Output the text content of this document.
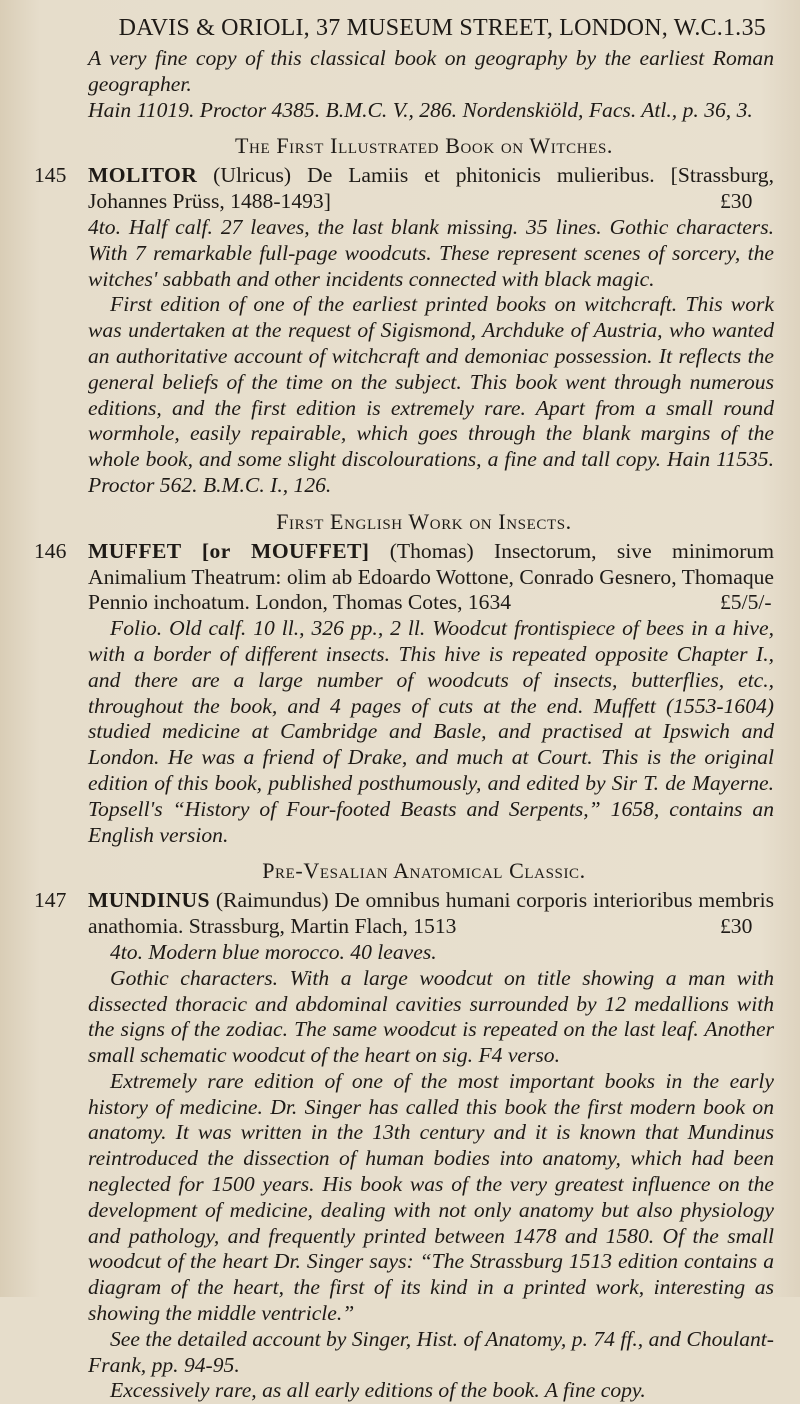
DAVIS & ORIOLI, 37 MUSEUM STREET, LONDON, W.C.1. 35

A very fine copy of this classical book on geography by the earliest Roman geographer.

Hain 11019. Proctor 4385. B.M.C. V., 286. Nordenskiöld, Facs. Atl., p. 36, 3.

The First Illustrated Book on Witches.

145 MOLITOR (Ulricus) De Lamiis et phitonicis mulieribus. [Strassburg, Johannes Prüss, 1488-1493]	£30

4to. Half calf. 27 leaves, the last blank missing. 35 lines. Gothic characters. With 7 remarkable full-page woodcuts. These represent scenes of sorcery, the witches' sabbath and other incidents connected with black magic.

First edition of one of the earliest printed books on witchcraft. This work was undertaken at the request of Sigismond, Archduke of Austria, who wanted an authoritative account of witchcraft and demoniac possession. It reflects the general beliefs of the time on the subject. This book went through numerous editions, and the first edition is extremely rare. Apart from a small round wormhole, easily repairable, which goes through the blank margins of the whole book, and some slight discolourations, a fine and tall copy. Hain 11535. Proctor 562. B.M.C. I., 126.

First English Work on Insects.

146 MUFFET [or MOUFFET] (Thomas) Insectorum, sive minimorum Animalium Theatrum: olim ab Edoardo Wottone, Conrado Gesnero, Thomaque Pennio inchoatum. London, Thomas Cotes, 1634	£5/5/-

Folio. Old calf. 10 ll., 326 pp., 2 ll. Woodcut frontispiece of bees in a hive, with a border of different insects. This hive is repeated opposite Chapter I., and there are a large number of woodcuts of insects, butterflies, etc., throughout the book, and 4 pages of cuts at the end. Muffett (1553-1604) studied medicine at Cambridge and Basle, and practised at Ipswich and London. He was a friend of Drake, and much at Court. This is the original edition of this book, published posthumously, and edited by Sir T. de Mayerne. Topsell's “History of Four-footed Beasts and Serpents,” 1658, contains an English version.

Pre-Vesalian Anatomical Classic.

147 MUNDINUS (Raimundus) De omnibus humani corporis interioribus membris anathomia. Strassburg, Martin Flach, 1513	£30

4to. Modern blue morocco. 40 leaves.

Gothic characters. With a large woodcut on title showing a man with dissected thoracic and abdominal cavities surrounded by 12 medallions with the signs of the zodiac. The same woodcut is repeated on the last leaf. Another small schematic woodcut of the heart on sig. F4 verso.

Extremely rare edition of one of the most important books in the early history of medicine. Dr. Singer has called this book the first modern book on anatomy. It was written in the 13th century and it is known that Mundinus reintroduced the dissection of human bodies into anatomy, which had been neglected for 1500 years. His book was of the very greatest influence on the development of medicine, dealing with not only anatomy but also physiology and pathology, and frequently printed between 1478 and 1580. Of the small woodcut of the heart Dr. Singer says: “The Strassburg 1513 edition contains a diagram of the heart, the first of its kind in a printed work, interesting as showing the middle ventricle.”

See the detailed account by Singer, Hist. of Anatomy, p. 74 ff., and Choulant-Frank, pp. 94-95.

Excessively rare, as all early editions of the book. A fine copy.
